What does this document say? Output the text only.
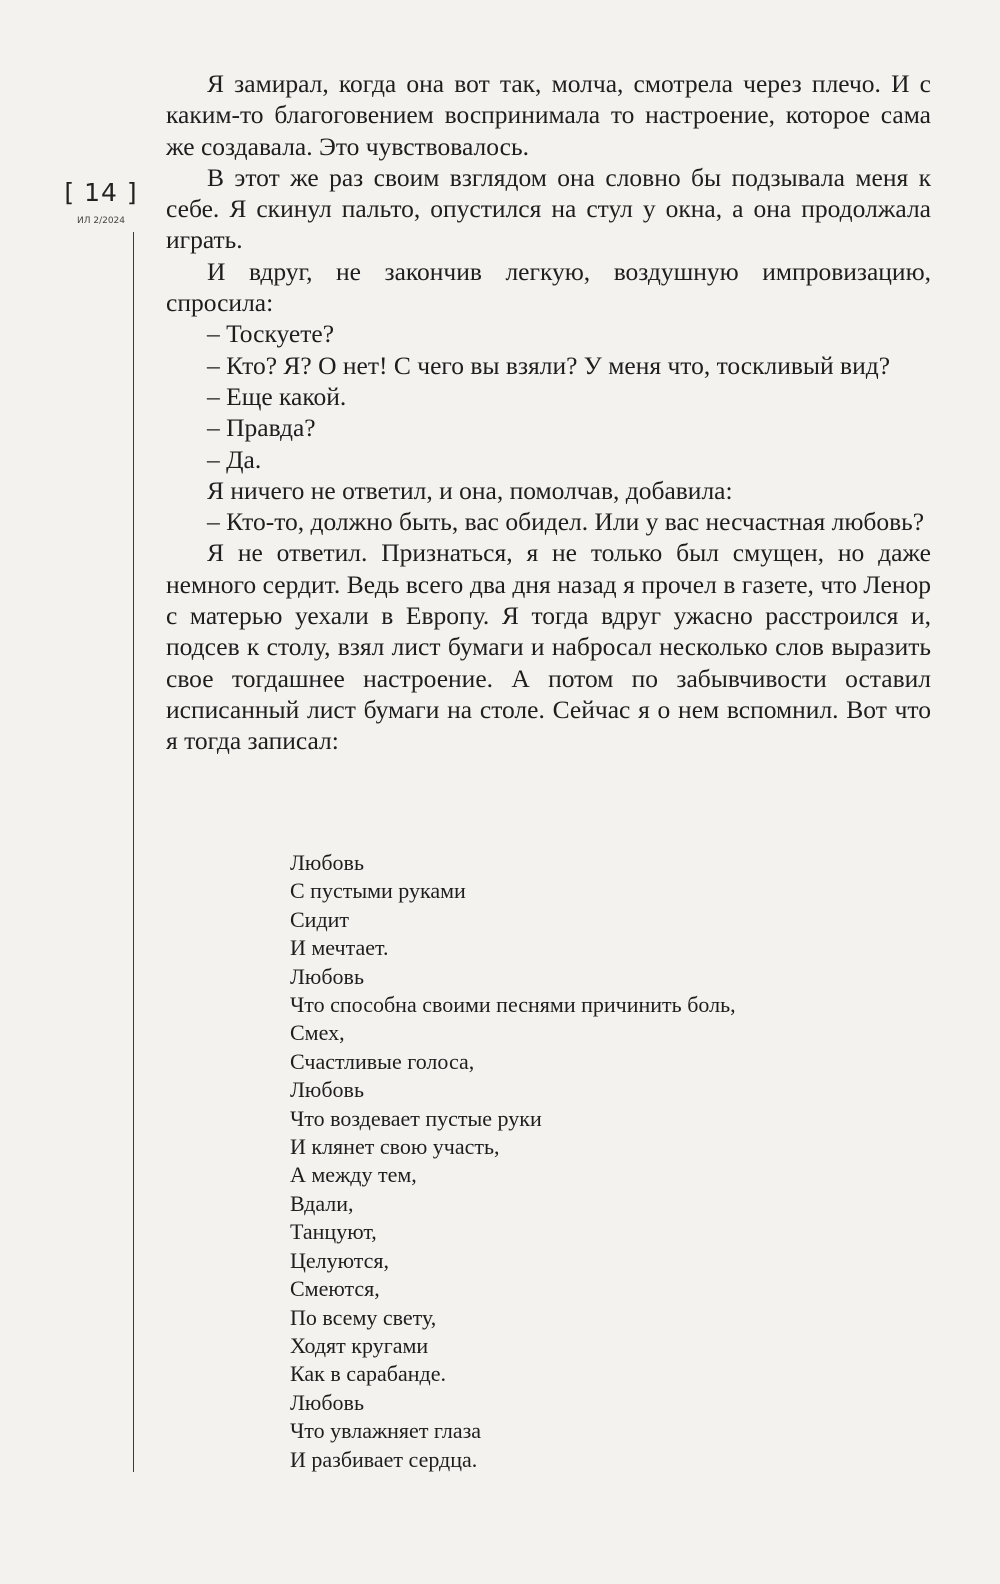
[ 14 ]
ИЛ 2/2024

Я замирал, когда она вот так, молча, смотрела через плечо. И с каким-то благоговением воспринимала то настроение, которое сама же создавала. Это чувствовалось.

В этот же раз своим взглядом она словно бы подзывала меня к себе. Я скинул пальто, опустился на стул у окна, а она продолжала играть.

И вдруг, не закончив легкую, воздушную импровизацию, спросила:

– Тоскуете?

– Кто? Я? О нет! С чего вы взяли? У меня что, тоскливый вид?

– Еще какой.

– Правда?

– Да.

Я ничего не ответил, и она, помолчав, добавила:

– Кто-то, должно быть, вас обидел. Или у вас несчастная любовь?

Я не ответил. Признаться, я не только был смущен, но даже немного сердит. Ведь всего два дня назад я прочел в газете, что Ленор с матерью уехали в Европу. Я тогда вдруг ужасно расстроился и, подсев к столу, взял лист бумаги и набросал несколько слов выразить свое тогдашнее настроение. А потом по забывчивости оставил исписанный лист бумаги на столе. Сейчас я о нем вспомнил. Вот что я тогда записал:

Любовь
С пустыми руками
Сидит
И мечтает.
Любовь
Что способна своими песнями причинить боль,
Смех,
Счастливые голоса,
Любовь
Что воздевает пустые руки
И клянет свою участь,
А между тем,
Вдали,
Танцуют,
Целуются,
Смеются,
По всему свету,
Ходят кругами
Как в сарабанде.
Любовь
Что увлажняет глаза
И разбивает сердца.
